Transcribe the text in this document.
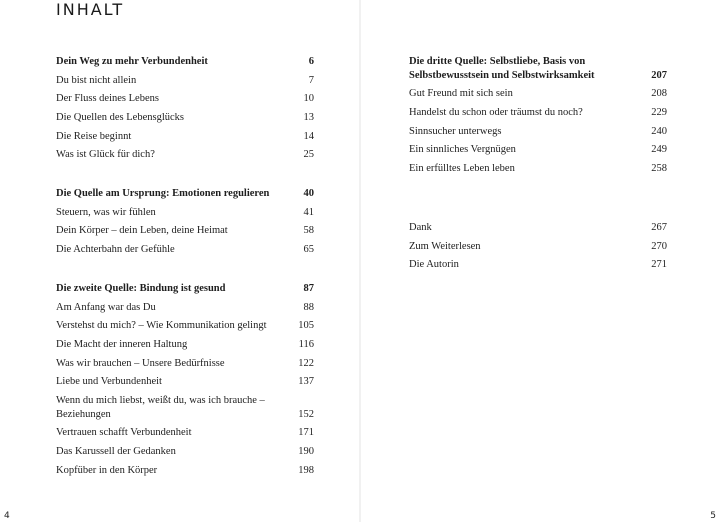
INHALT
Dein Weg zu mehr Verbundenheit	6
Du bist nicht allein	7
Der Fluss deines Lebens	10
Die Quellen des Lebensglücks	13
Die Reise beginnt	14
Was ist Glück für dich?	25
Die Quelle am Ursprung: Emotionen regulieren	40
Steuern, was wir fühlen	41
Dein Körper – dein Leben, deine Heimat	58
Die Achterbahn der Gefühle	65
Die zweite Quelle: Bindung ist gesund	87
Am Anfang war das Du	88
Verstehst du mich? – Wie Kommunikation gelingt	105
Die Macht der inneren Haltung	116
Was wir brauchen – Unsere Bedürfnisse	122
Liebe und Verbundenheit	137
Wenn du mich liebst, weißt du, was ich brauche – Beziehungen	152
Vertrauen schafft Verbundenheit	171
Das Karussell der Gedanken	190
Kopfüber in den Körper	198
Die dritte Quelle: Selbstliebe, Basis von Selbstbewusstsein und Selbstwirksamkeit	207
Gut Freund mit sich sein	208
Handelst du schon oder träumst du noch?	229
Sinnsucher unterwegs	240
Ein sinnliches Vergnügen	249
Ein erfülltes Leben leben	258
Dank	267
Zum Weiterlesen	270
Die Autorin	271
4	5
